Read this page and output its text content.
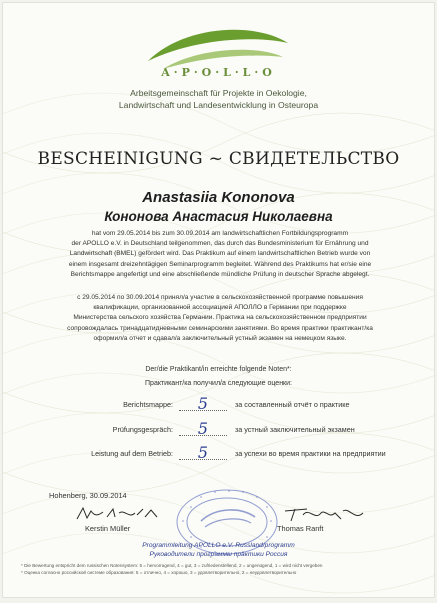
A·P·O·L·L·O
Arbeitsgemeinschaft für Projekte in Oekologie,
Landwirtschaft und Landesentwicklung in Osteuropa
BESCHEINIGUNG ~ СВИДЕТЕЛЬСТВО
Anastasiia Kononova
Кононова Анастасия Николаевна
hat vom 29.05.2014 bis zum 30.09.2014 am landwirtschaftlichen Fortbildungsprogramm
der APOLLO e.V. in Deutschland teilgenommen, das durch das Bundesministerium für Ernährung und
Landwirtschaft (BMEL) gefördert wird. Das Praktikum auf einem landwirtschaftlichen Betrieb wurde von
einem insgesamt dreizehntägigen Seminarprogramm begleitet. Während des Praktikums hat er/sie eine
Berichtsmappe angefertigt und eine abschließende mündliche Prüfung in deutscher Sprache abgelegt.
с 29.05.2014 по 30.09.2014 принял/а участие в сельскохозяйственной программе повышения
квалификации, организованной ассоциацией АПОЛЛО в Германии при поддержке
Министерства сельского хозяйства Германии. Практика на сельскохозяйственном предприятии
сопровождалась тринадцатидневными семинарскими занятиями. Во время практики практикант/ка
оформил/а отчет и сдавал/а заключительный устный экзамен на немецком языке.
Der/die Praktikant/in erreichte folgende Noten*:
Практикант/ка получил/а следующие оценки:
Berichtsmappe:	5	за составленный отчёт о практике
Prüfungsgespräch:	5	за устный заключительный экзамен
Leistung auf dem Betrieb:	5	за успехи во время практики на предприятии
Hohenberg, 30.09.2014
Kerstin Müller	Thomas Ranft
Programmleitung APOLLO e.V. Russland/programm
Руководители программы практики Россия
* Die Bewertung entspricht dem russischen Notensystem: 5 = hervorragend, 4 = gut, 3 = zufriedenstellend, 2 = ungenügend, 1 = wird nicht vergeben
* Оценка согласно российской системе образования: 5 = отлично, 4 = хорошо, 3 = удовлетворительно, 2 = неудовлетворительно
